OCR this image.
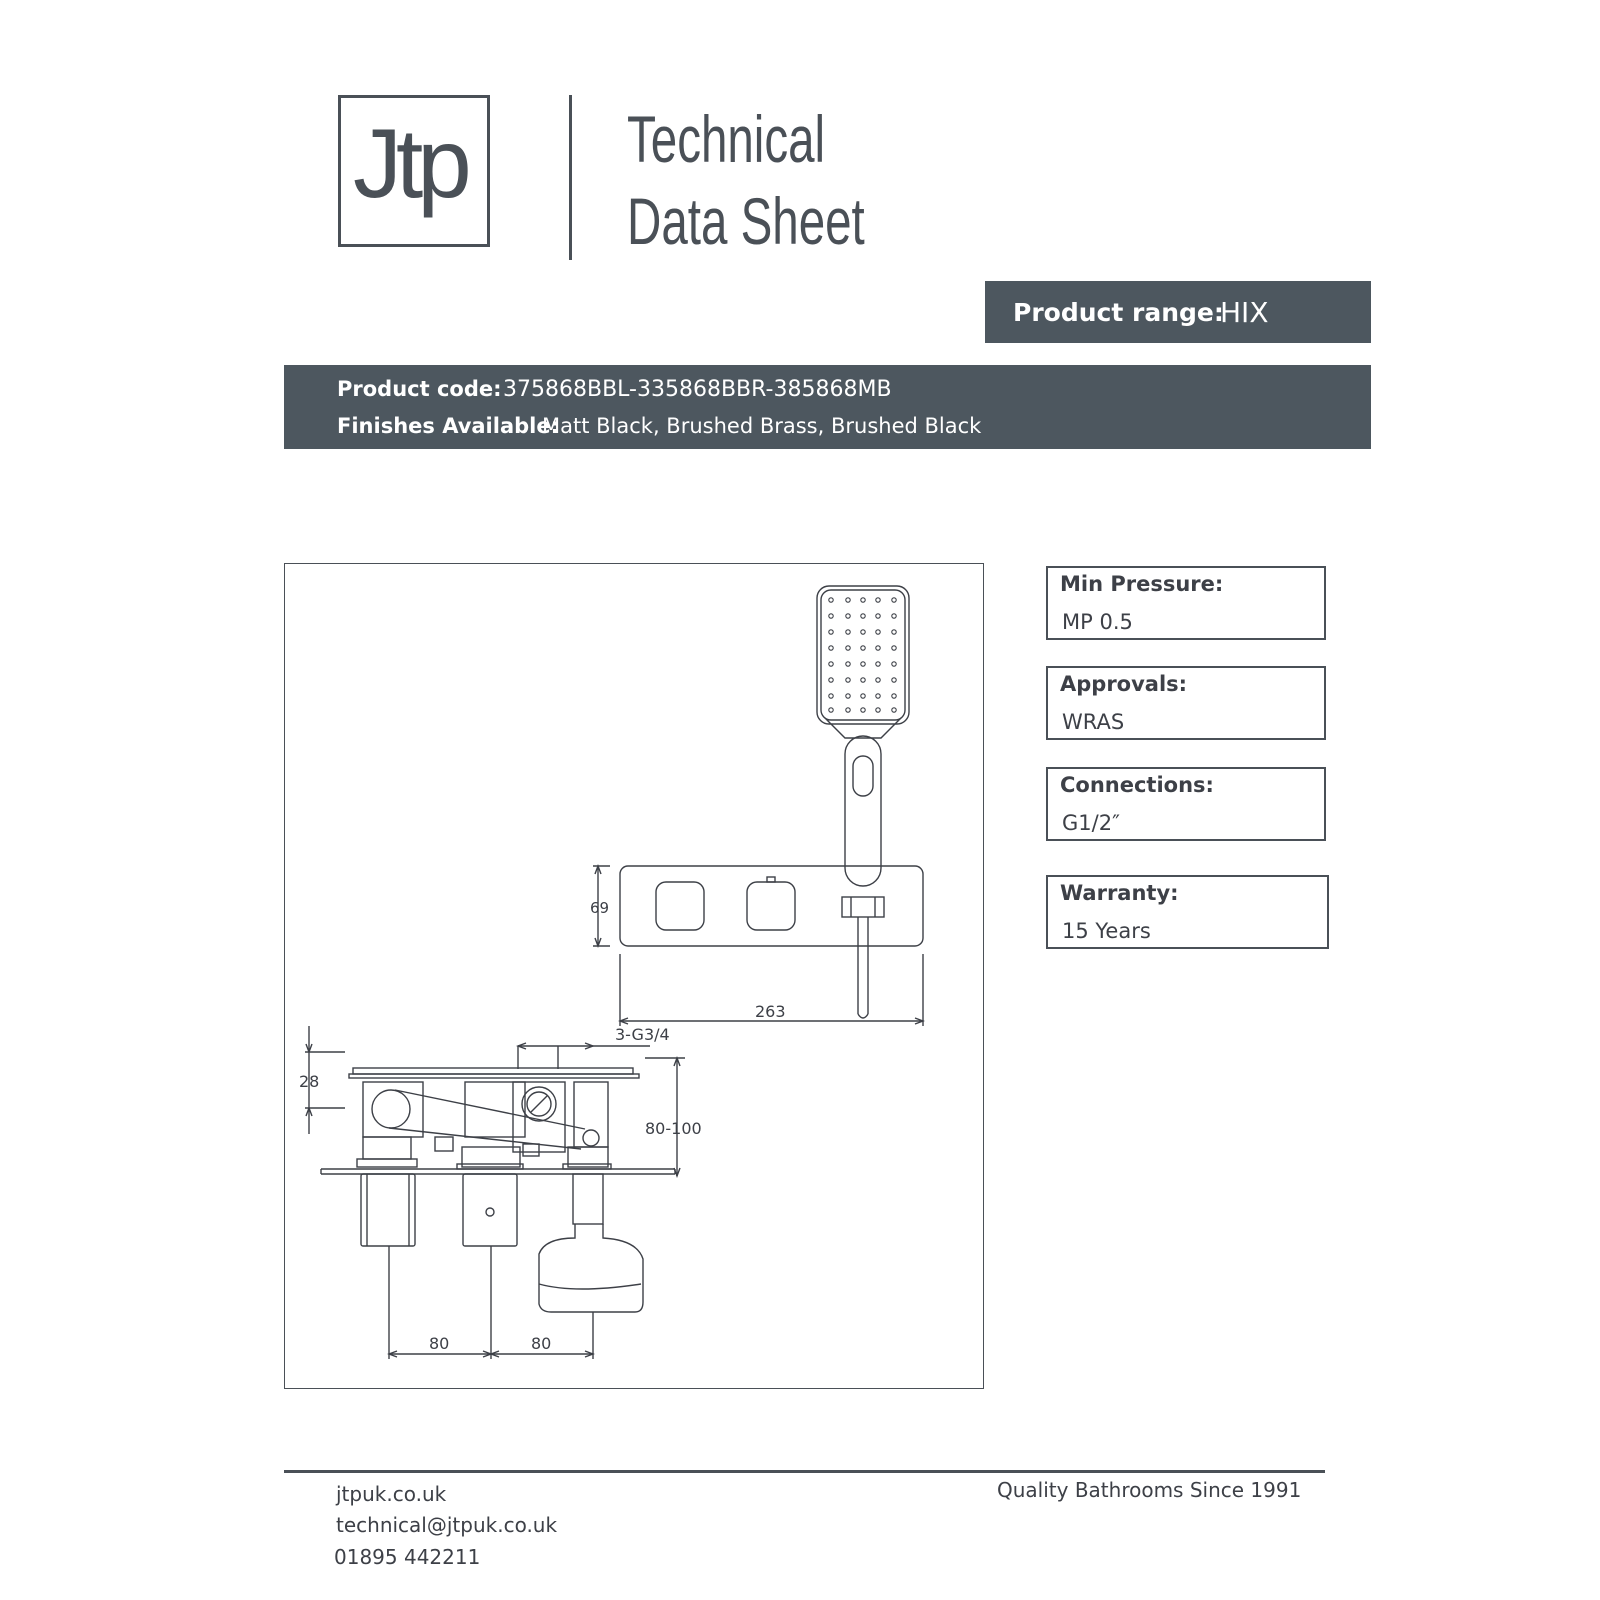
Jtp Technical
Data Sheet
Product range:
HIX
Product code: 375868BBL-335868BBR-385868MB
Finishes Available:
Matt Black, Brushed Brass, Brushed Black
69
263
3-G3/4
28
80-100
80	80
Min Pressure:
MP 0.5
Approvals:
WRAS
Connections:
G1/2″
Warranty:
15 Years
jtpuk.co.uk
technical@jtpuk.co.uk
01895 442211
Quality Bathrooms Since 1991
